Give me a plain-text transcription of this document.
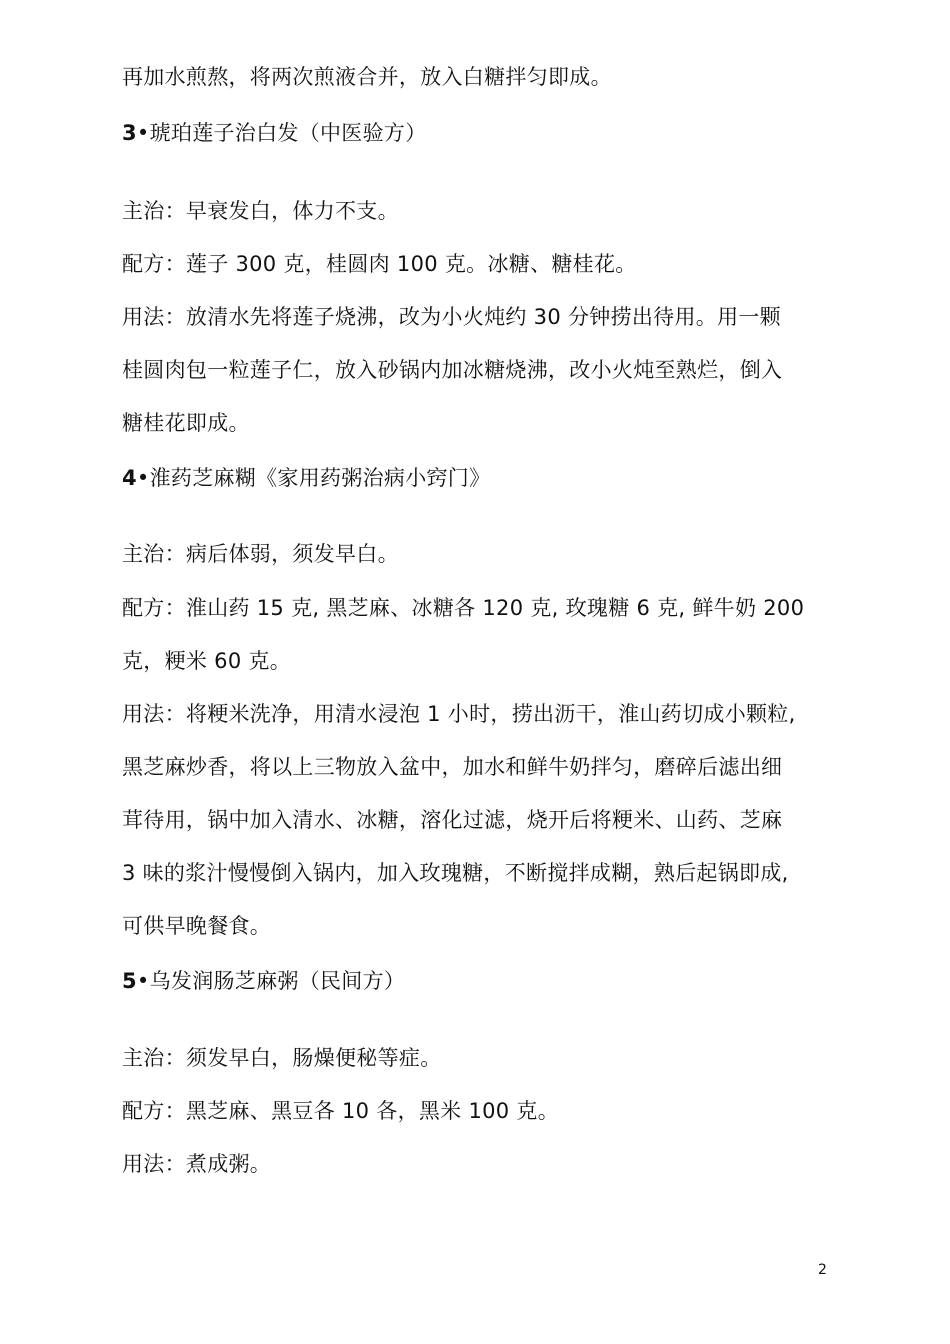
再加水煎熬，将两次煎液合并，放入白糖拌匀即成。
3•琥珀莲子治白发（中医验方）
主治：早衰发白，体力不支。
配方：莲子 300 克，桂圆肉 100 克。冰糖、糖桂花。
用法：放清水先将莲子烧沸，改为小火炖约 30 分钟捞出待用。用一颗
桂圆肉包一粒莲子仁，放入砂锅内加冰糖烧沸，改小火炖至熟烂，倒入
糖桂花即成。
4•淮药芝麻糊《家用药粥治病小窍门》
主治：病后体弱，须发早白。
配方：淮山药 15 克, 黑芝麻、冰糖各 120 克, 玫瑰糖 6 克, 鲜牛奶 200
克，粳米 60 克。
用法：将粳米洗净，用清水浸泡 1 小时，捞出沥干，淮山药切成小颗粒,
黑芝麻炒香，将以上三物放入盆中，加水和鲜牛奶拌匀，磨碎后滤出细
茸待用，锅中加入清水、冰糖，溶化过滤，烧开后将粳米、山药、芝麻
3 味的浆汁慢慢倒入锅内，加入玫瑰糖，不断搅拌成糊，熟后起锅即成,
可供早晚餐食。
5•乌发润肠芝麻粥（民间方）
主治：须发早白，肠燥便秘等症。
配方：黑芝麻、黑豆各 10 各，黑米 100 克。
用法：煮成粥。
2
